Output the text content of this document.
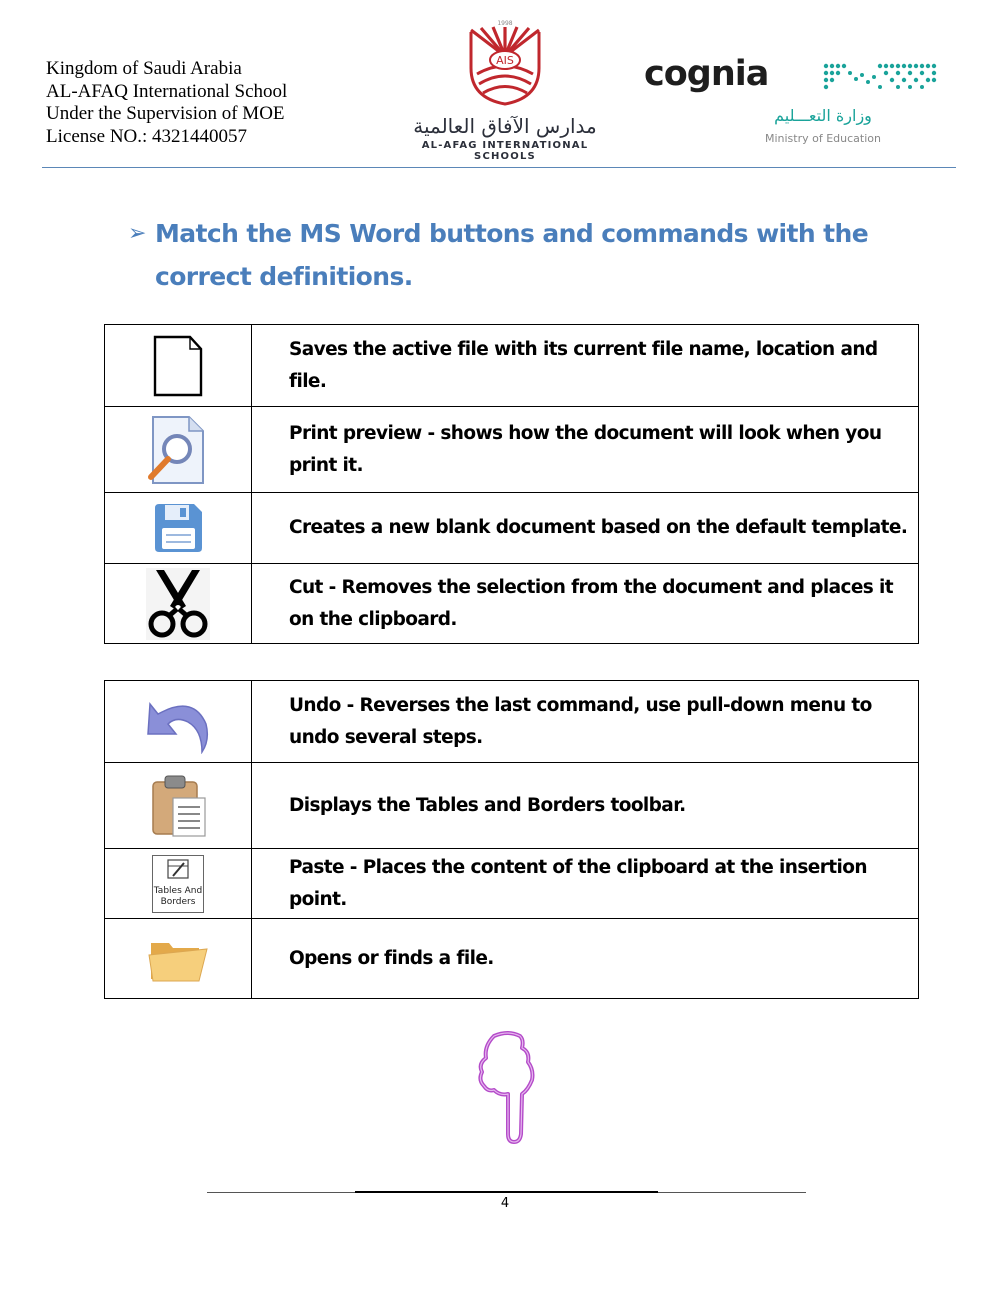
Kingdom of Saudi Arabia
AL-AFAQ International School
Under the Supervision of MOE
License NO.: 4321440057
1998
AIS
مدارس الآفاق العالمية
AL-AFAG INTERNATIONAL SCHOOLS
cognia
وزارة التعـــليم
Ministry of Education
➢ Match the MS Word buttons and commands with the correct definitions.
	Saves the active file with its current file name, location and file.
	Print preview - shows how the document will look when you print it.
	Creates a new blank document based on the default template.
	Cut - Removes the selection from the document and places it on the clipboard.
	Undo - Reverses the last command, use pull-down menu to undo several steps.
	Displays the Tables and Borders toolbar.

Tables And Borders	Paste - Places the content of the clipboard at the insertion point.
	Opens or finds a file.
4
